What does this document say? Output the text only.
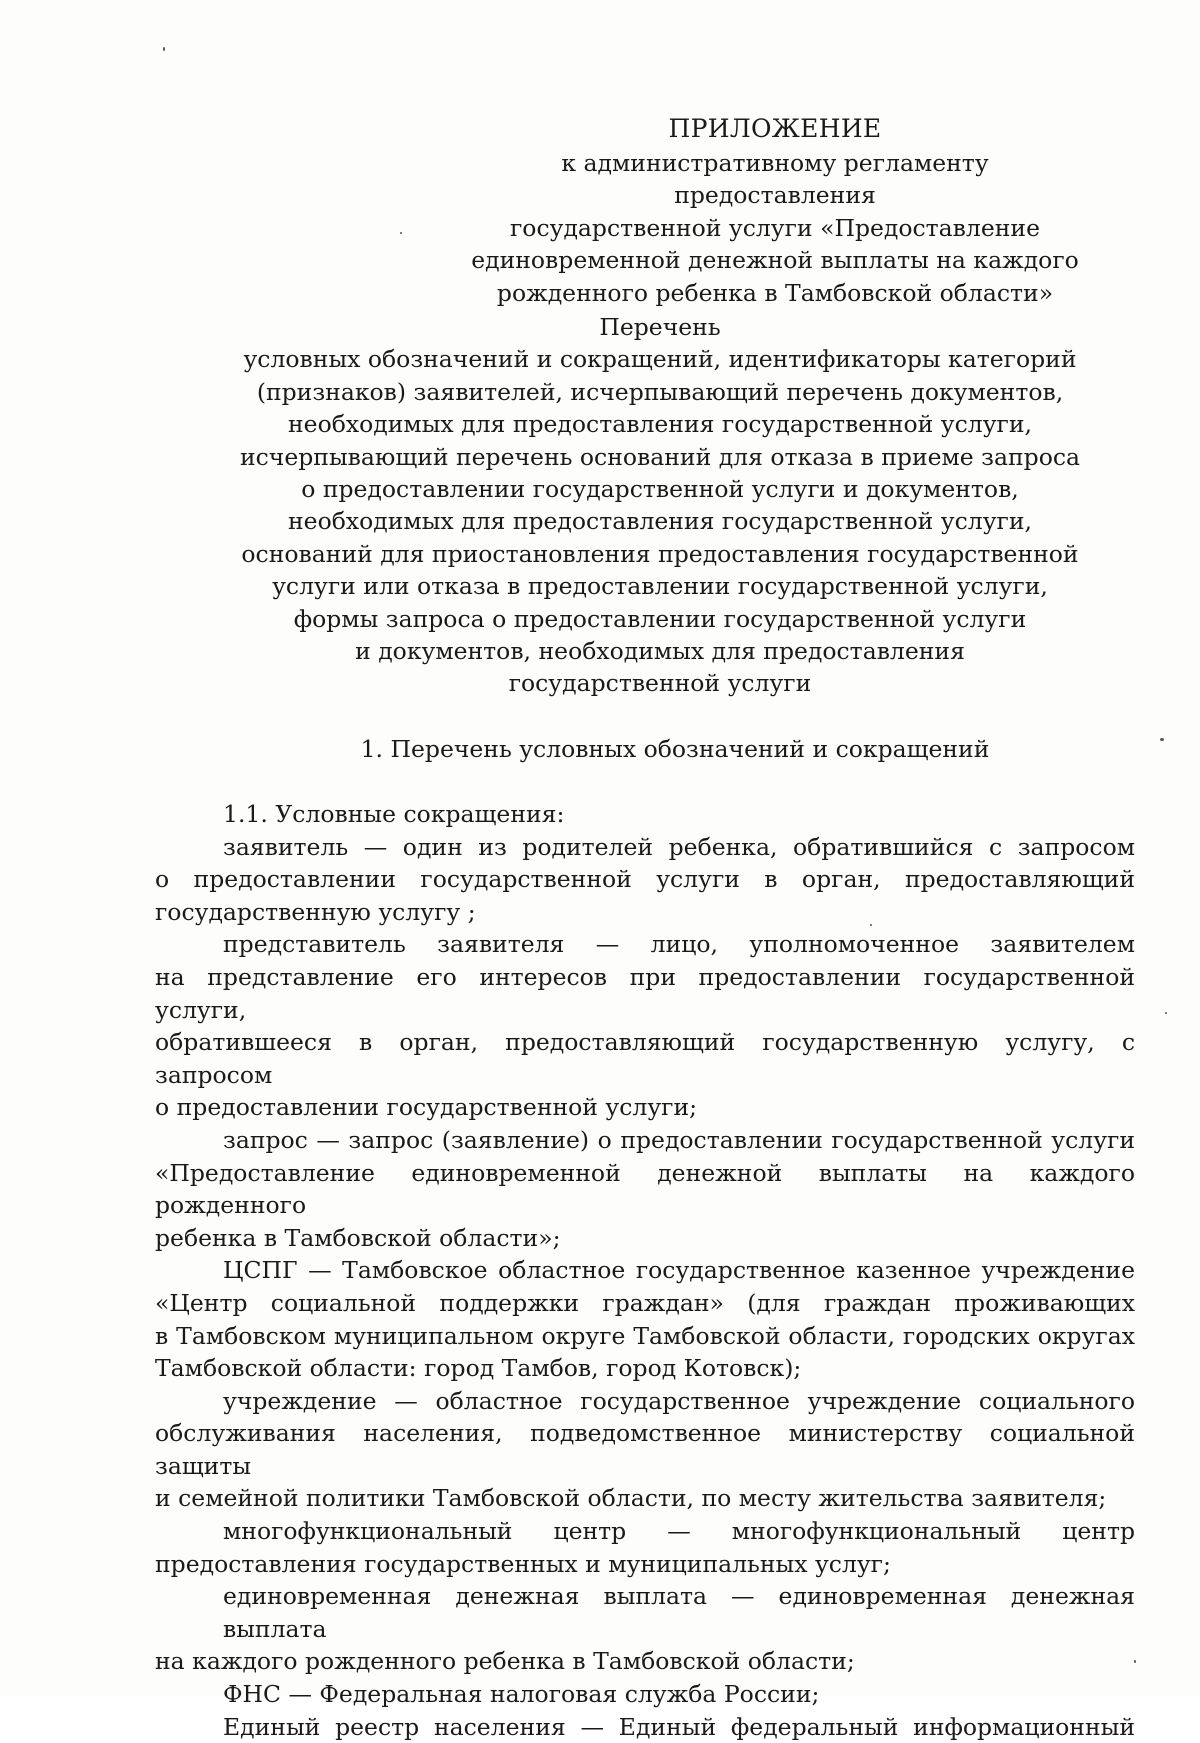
ПРИЛОЖЕНИЕ
к административному регламенту предоставления
государственной услуги «Предоставление
единовременной денежной выплаты на каждого
рожденного ребенка в Тамбовской области»
Перечень
условных обозначений и сокращений, идентификаторы категорий
(признаков) заявителей, исчерпывающий перечень документов,
необходимых для предоставления государственной услуги,
исчерпывающий перечень оснований для отказа в приеме запроса
о предоставлении государственной услуги и документов,
необходимых для предоставления государственной услуги,
оснований для приостановления предоставления государственной
услуги или отказа в предоставлении государственной услуги,
формы запроса о предоставлении государственной услуги
и документов, необходимых для предоставления
государственной услуги
1. Перечень условных обозначений и сокращений
1.1. Условные сокращения:
заявитель — один из родителей ребенка, обратившийся с запросом
о предоставлении государственной услуги в орган, предоставляющий
государственную услугу ;
представитель заявителя — лицо, уполномоченное заявителем
на представление его интересов при предоставлении государственной услуги,
обратившееся в орган, предоставляющий государственную услугу, с запросом
о предоставлении государственной услуги;
запрос — запрос (заявление) о предоставлении государственной услуги
«Предоставление единовременной денежной выплаты на каждого рожденного
ребенка в Тамбовской области»;
ЦСПГ — Тамбовское областное государственное казенное учреждение
«Центр социальной поддержки граждан» (для граждан проживающих
в Тамбовском муниципальном округе Тамбовской области, городских округах
Тамбовской области: город Тамбов, город Котовск);
учреждение — областное государственное учреждение социального
обслуживания населения, подведомственное министерству социальной защиты
и семейной политики Тамбовской области, по месту жительства заявителя;
многофункциональный центр — многофункциональный центр
предоставления государственных и муниципальных услуг;
единовременная денежная выплата — единовременная денежная выплата
на каждого рожденного ребенка в Тамбовской области;
ФНС — Федеральная налоговая служба России;
Единый реестр населения — Единый федеральный информационный
